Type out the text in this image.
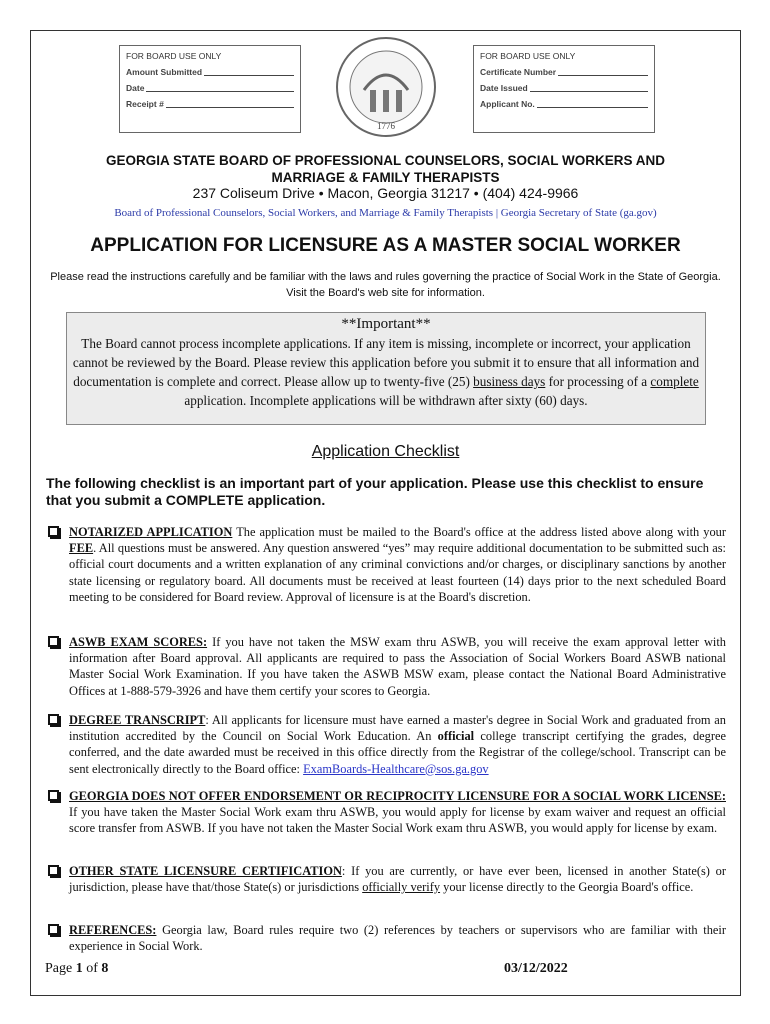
FOR BOARD USE ONLY
Amount Submitted
Date
Receipt #
1776
FOR BOARD USE ONLY
Certificate Number
Date Issued
Applicant No.
GEORGIA STATE BOARD OF PROFESSIONAL COUNSELORS, SOCIAL WORKERS AND
MARRIAGE & FAMILY THERAPISTS
237 Coliseum Drive • Macon, Georgia 31217 • (404) 424-9966
Board of Professional Counselors, Social Workers, and Marriage & Family Therapists | Georgia Secretary of State (ga.gov)
APPLICATION FOR LICENSURE AS A MASTER SOCIAL WORKER
Please read the instructions carefully and be familiar with the laws and rules governing the practice of Social Work in the State of Georgia. Visit the Board's web site for information.
**Important**
The Board cannot process incomplete applications. If any item is missing, incomplete or incorrect, your application cannot be reviewed by the Board. Please review this application before you submit it to ensure that all information and documentation is complete and correct. Please allow up to twenty-five (25) business days for processing of a complete application. Incomplete applications will be withdrawn after sixty (60) days.
Application Checklist
The following checklist is an important part of your application. Please use this checklist to ensure that you submit a COMPLETE application.
NOTARIZED APPLICATION The application must be mailed to the Board's office at the address listed above along with your FEE. All questions must be answered. Any question answered “yes” may require additional documentation to be submitted such as: official court documents and a written explanation of any criminal convictions and/or charges, or disciplinary sanctions by another state licensing or regulatory board. All documents must be received at least fourteen (14) days prior to the next scheduled Board meeting to be considered for Board review. Approval of licensure is at the Board's discretion.
ASWB EXAM SCORES: If you have not taken the MSW exam thru ASWB, you will receive the exam approval letter with information after Board approval. All applicants are required to pass the Association of Social Workers Board ASWB national Master Social Work Examination. If you have taken the ASWB MSW exam, please contact the National Board Administrative Offices at 1-888-579-3926 and have them certify your scores to Georgia.
DEGREE TRANSCRIPT: All applicants for licensure must have earned a master's degree in Social Work and graduated from an institution accredited by the Council on Social Work Education. An official college transcript certifying the grades, degree conferred, and the date awarded must be received in this office directly from the Registrar of the college/school. Transcript can be sent electronically directly to the Board office: ExamBoards-Healthcare@sos.ga.gov
GEORGIA DOES NOT OFFER ENDORSEMENT OR RECIPROCITY LICENSURE FOR A SOCIAL WORK LICENSE: If you have taken the Master Social Work exam thru ASWB, you would apply for license by exam waiver and request an official score transfer from ASWB. If you have not taken the Master Social Work exam thru ASWB, you would apply for license by exam.
OTHER STATE LICENSURE CERTIFICATION: If you are currently, or have ever been, licensed in another State(s) or jurisdiction, please have that/those State(s) or jurisdictions officially verify your license directly to the Georgia Board's office.
REFERENCES: Georgia law, Board rules require two (2) references by teachers or supervisors who are familiar with their experience in Social Work.
Page 1 of 8	03/12/2022
